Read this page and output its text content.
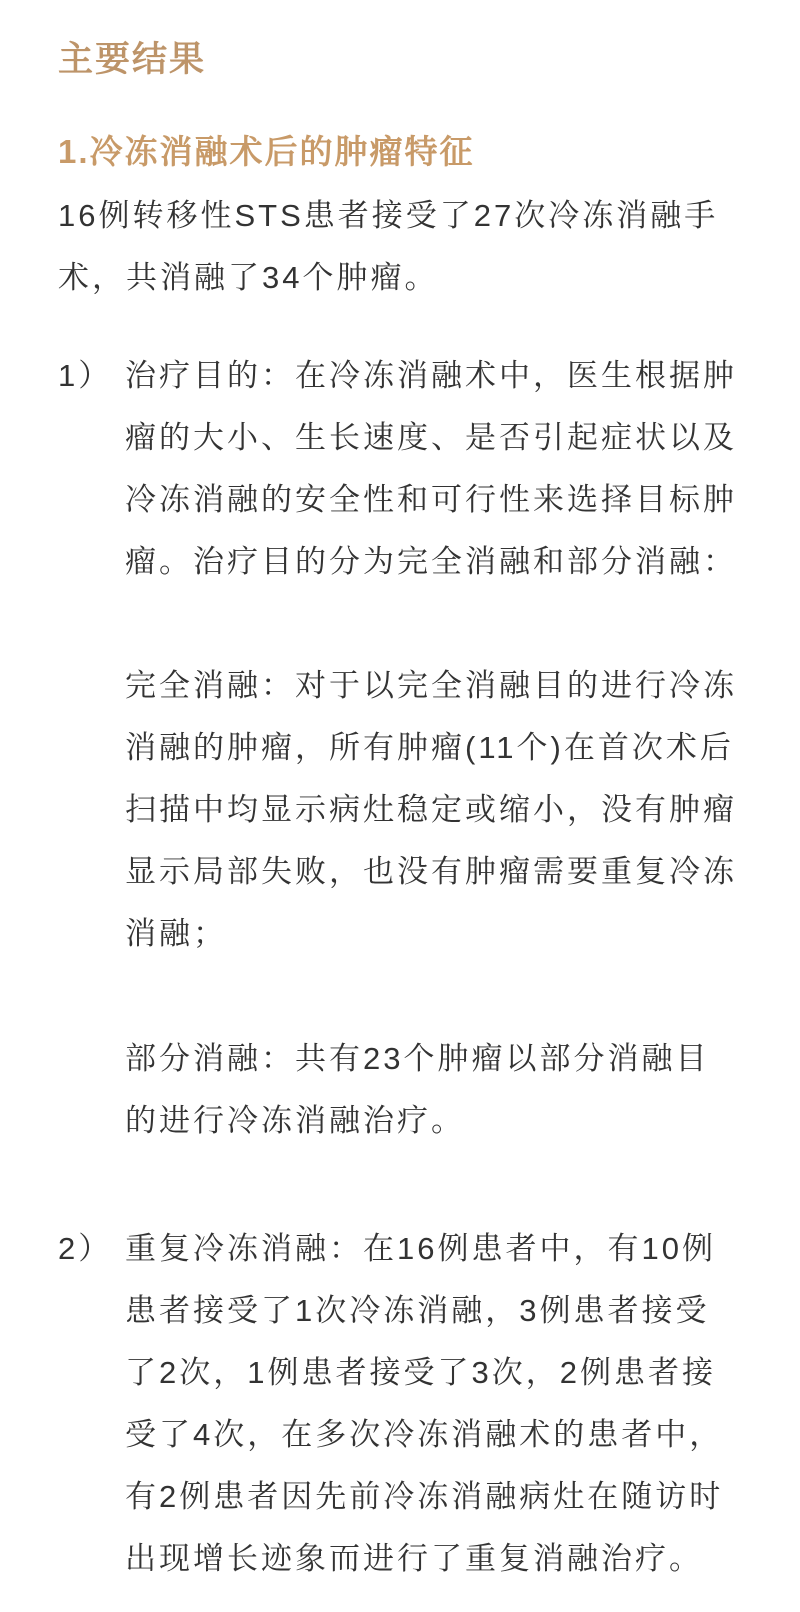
主要结果
1.冷冻消融术后的肿瘤特征
16例转移性STS患者接受了27次冷冻消融手
术，共消融了34个肿瘤。
1） 治疗目的：在冷冻消融术中，医生根据肿
瘤的大小、生长速度、是否引起症状以及
冷冻消融的安全性和可行性来选择目标肿
瘤。治疗目的分为完全消融和部分消融：
完全消融：对于以完全消融目的进行冷冻
消融的肿瘤，所有肿瘤(11个)在首次术后
扫描中均显示病灶稳定或缩小，没有肿瘤
显示局部失败，也没有肿瘤需要重复冷冻
消融；
部分消融：共有23个肿瘤以部分消融目
的进行冷冻消融治疗。
2） 重复冷冻消融：在16例患者中，有10例
患者接受了1次冷冻消融，3例患者接受
了2次，1例患者接受了3次，2例患者接
受了4次，在多次冷冻消融术的患者中，
有2例患者因先前冷冻消融病灶在随访时
出现增长迹象而进行了重复消融治疗。
